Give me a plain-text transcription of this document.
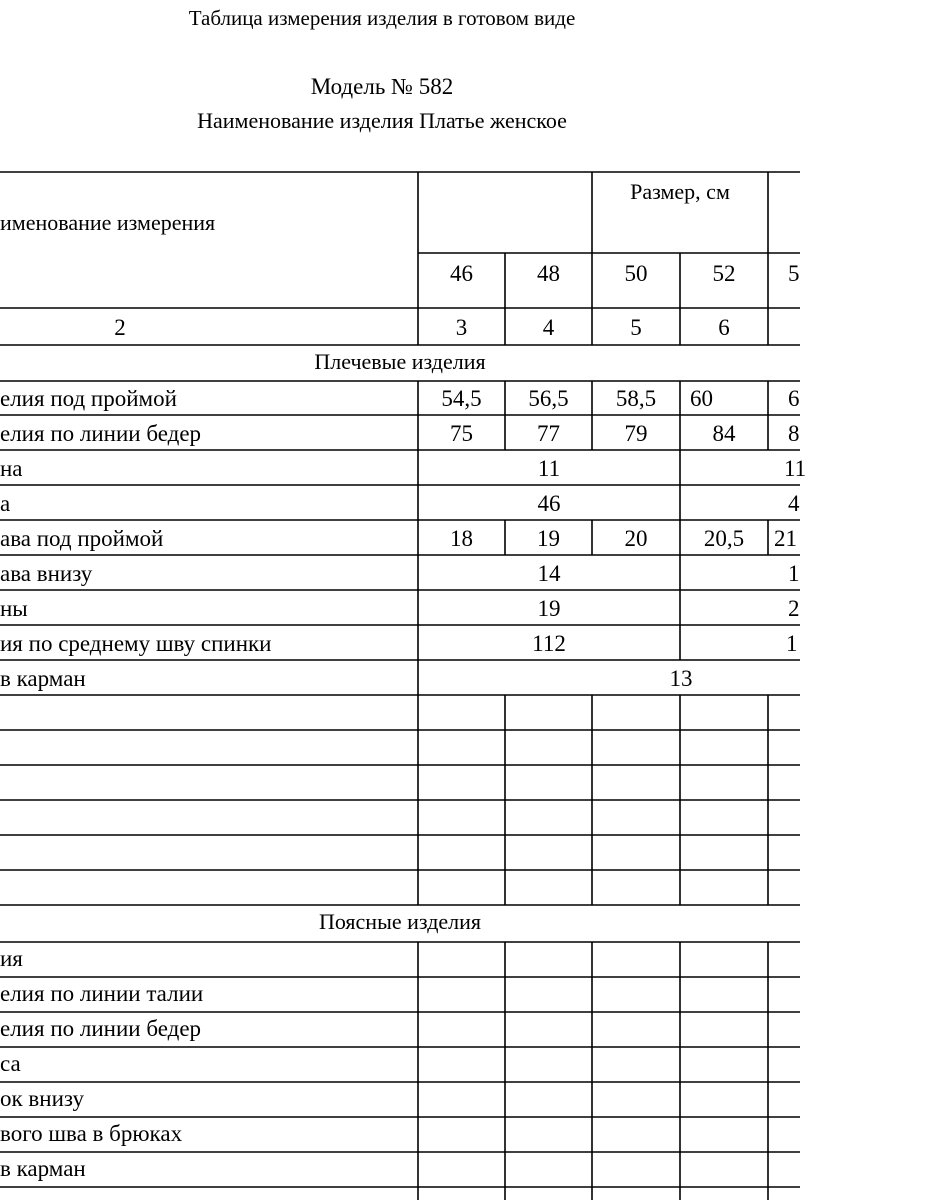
Таблица измерения изделия в готовом виде
Модель № 582
Наименование изделия Платье женское
именование измерения
Размер, см
46	48	50	52	5
2	3	4	5	6
Плечевые изделия
елия под проймой	54,5	56,5	58,5	60	6
елия по линии бедер	75	77	79	84	8
на	11	11
а	46	4
ава под проймой	18	19	20	20,5	21
ава внизу	14	1
ны	19	2
ия по среднему шву спинки	112	1
в карман	13
Поясные изделия
ия
елия по линии талии
елия по линии бедер
са
ок внизу
вого шва в брюках
в карман
